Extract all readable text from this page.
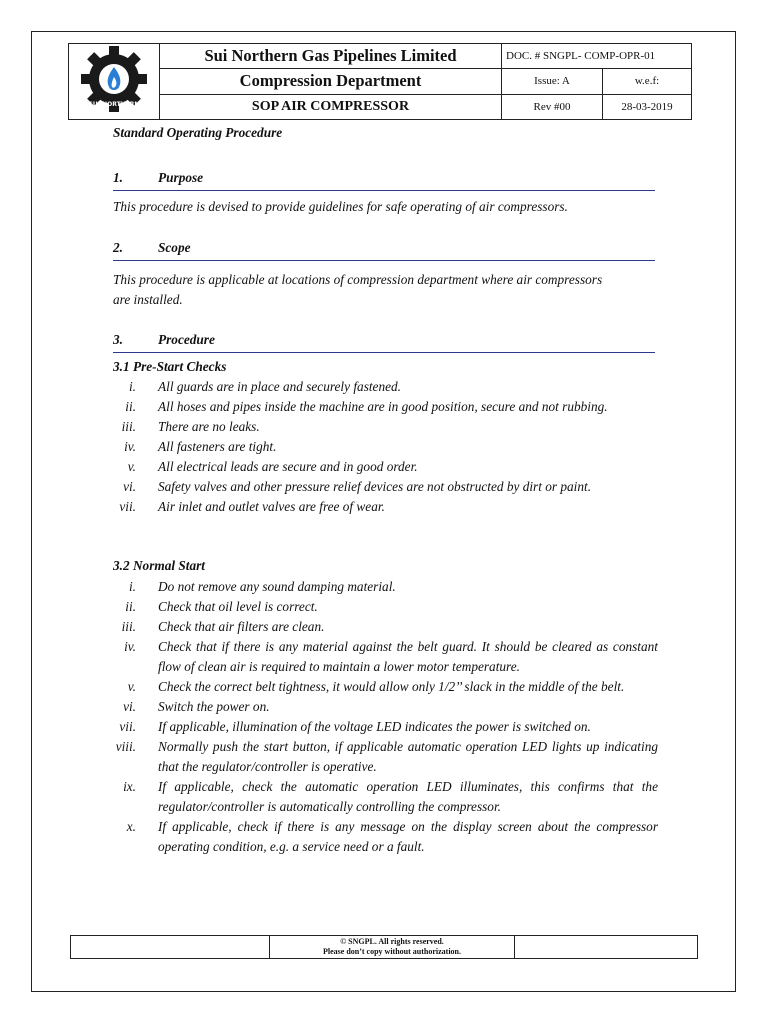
SUI NORTHERN	Sui Northern Gas Pipelines Limited	DOC. # SNGPL- COMP-OPR-01	
	Compression Department	Issue: A	w.e.f:
	SOP AIR COMPRESSOR	Rev #00	28-03-2019
Standard Operating Procedure
1.	Purpose
This procedure is devised to provide guidelines for safe operating of air compressors.
2.	Scope
This procedure is applicable at locations of compression department where air compressors are installed.
3.	Procedure
3.1 Pre-Start Checks
i. All guards are in place and securely fastened.
ii. All hoses and pipes inside the machine are in good position, secure and not rubbing.
iii. There are no leaks.
iv. All fasteners are tight.
v. All electrical leads are secure and in good order.
vi. Safety valves and other pressure relief devices are not obstructed by dirt or paint.
vii. Air inlet and outlet valves are free of wear.
3.2 Normal Start
i. Do not remove any sound damping material.
ii. Check that oil level is correct.
iii. Check that air filters are clean.
iv. Check that if there is any material against the belt guard. It should be cleared as constant flow of clean air is required to maintain a lower motor temperature.
v. Check the correct belt tightness, it would allow only 1/2’’ slack in the middle of the belt.
vi. Switch the power on.
vii. If applicable, illumination of the voltage LED indicates the power is switched on.
viii. Normally push the start button, if applicable automatic operation LED lights up indicating that the regulator/controller is operative.
ix. If applicable, check the automatic operation LED illuminates, this confirms that the regulator/controller is automatically controlling the compressor.
x. If applicable, check if there is any message on the display screen about the compressor operating condition, e.g. a service need or a fault.

© SNGPL. All rights reserved.
Please don’t copy without authorization.
